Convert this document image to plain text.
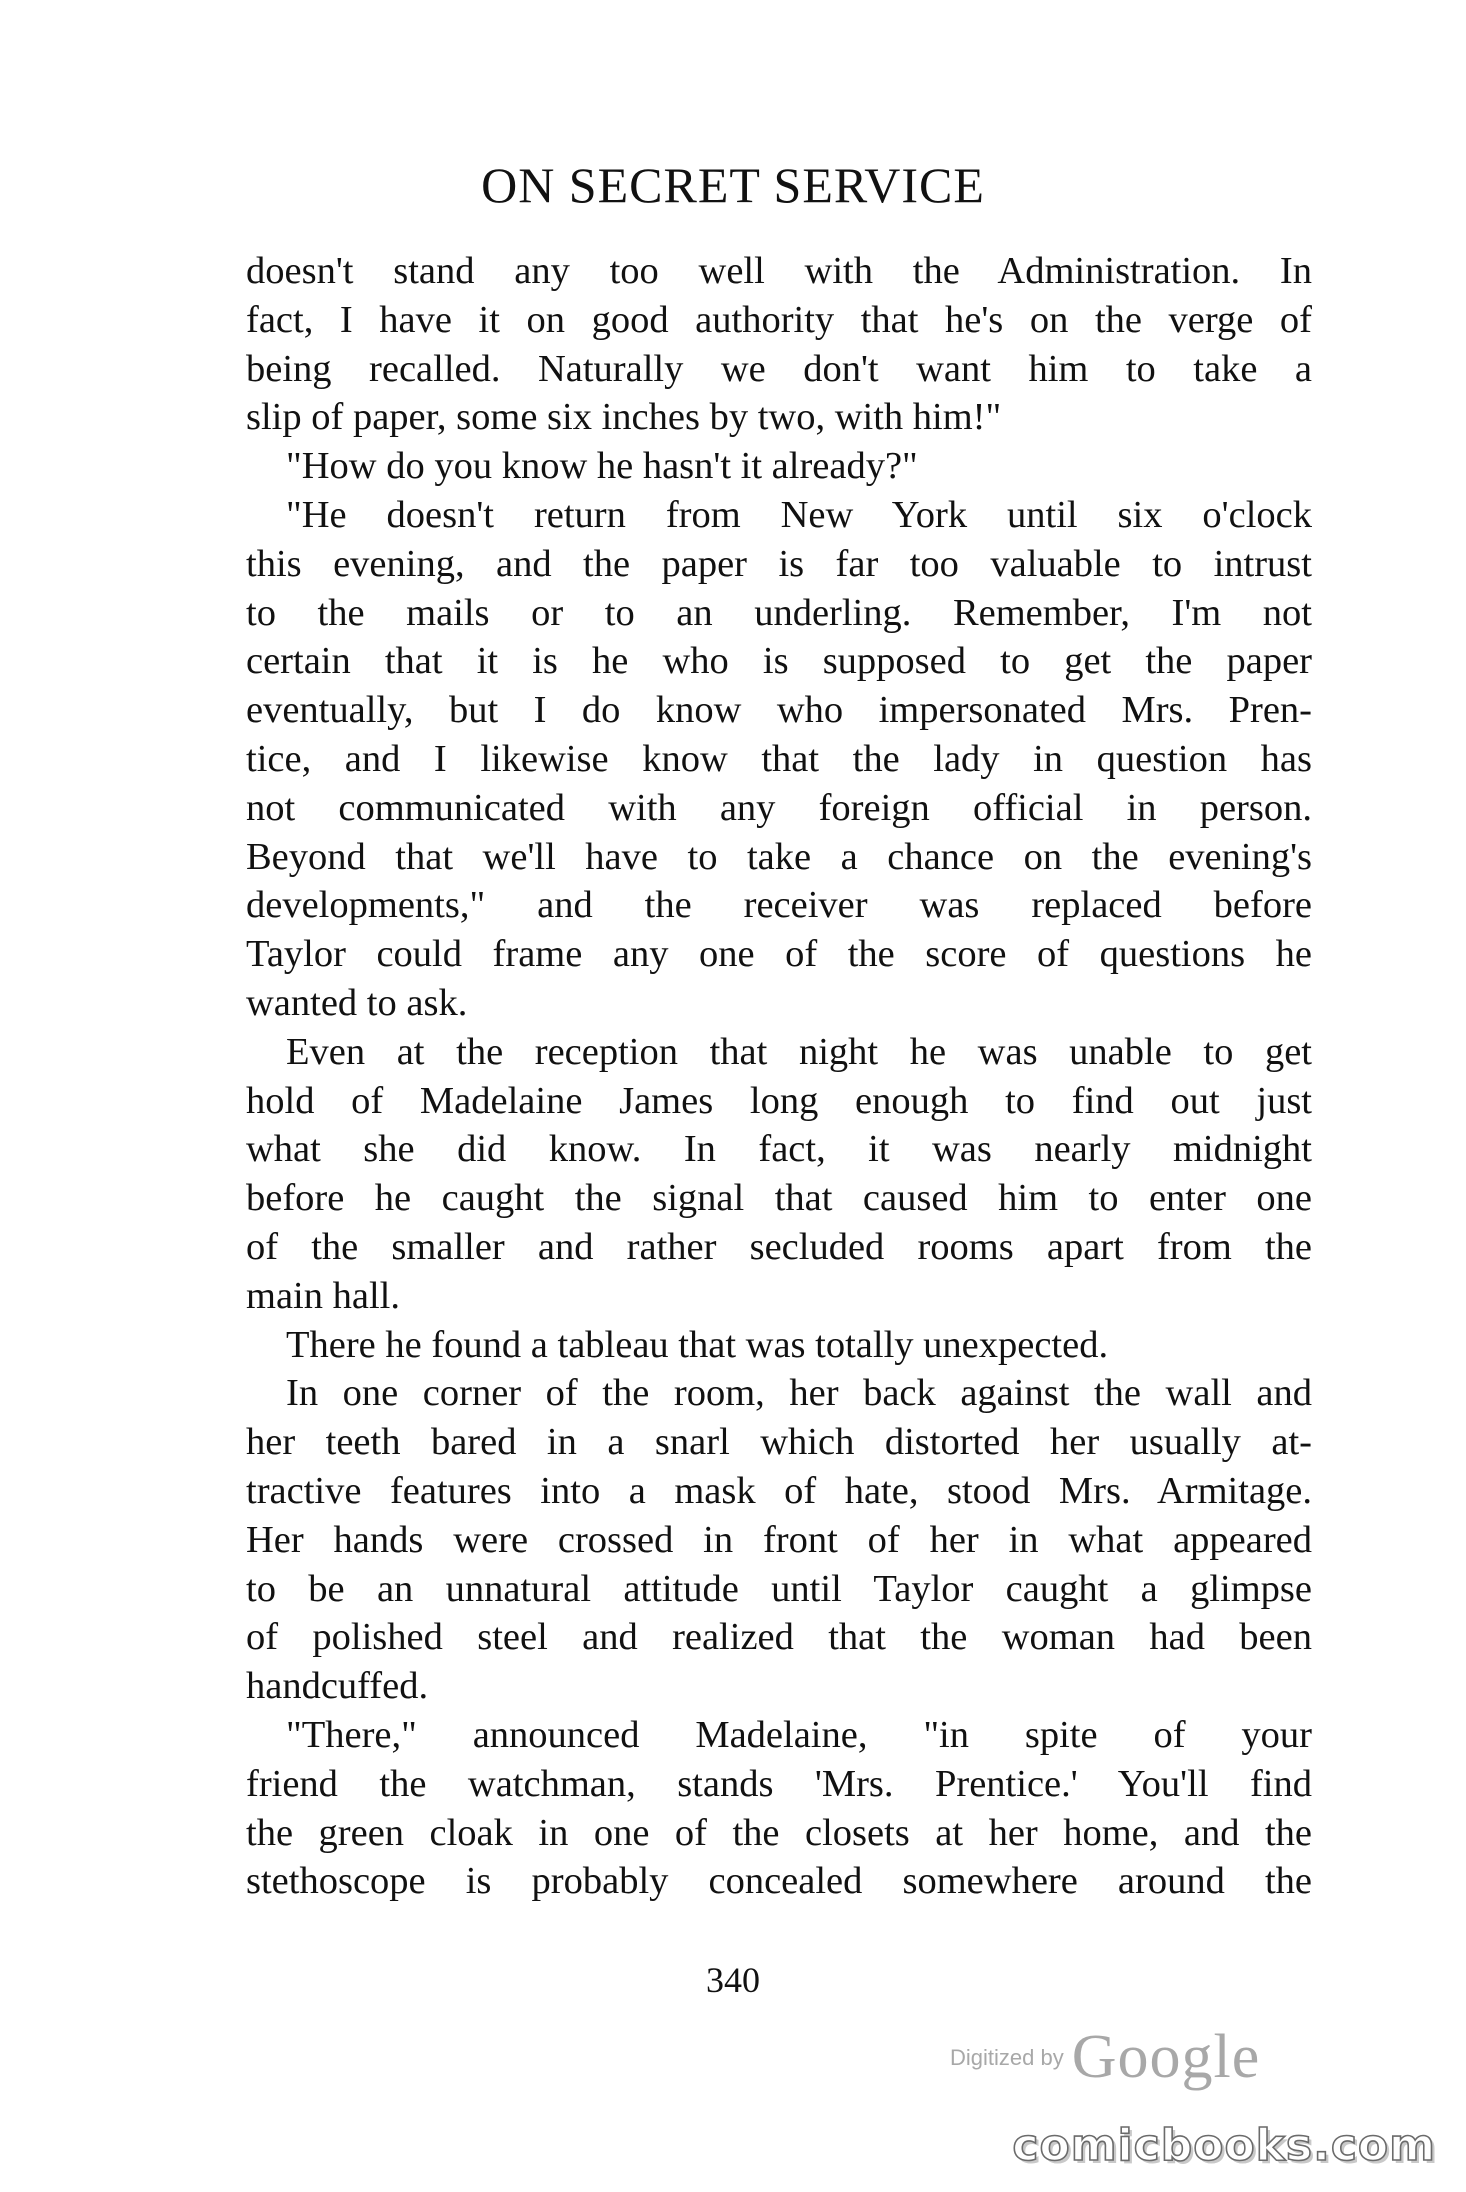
ON SECRET SERVICE
doesn't stand any too well with the Administration. In
fact, I have it on good authority that he's on the verge of
being recalled. Naturally we don't want him to take a
slip of paper, some six inches by two, with him!"
"How do you know he hasn't it already?"
"He doesn't return from New York until six o'clock
this evening, and the paper is far too valuable to intrust
to the mails or to an underling. Remember, I'm not
certain that it is he who is supposed to get the paper
eventually, but I do know who impersonated Mrs. Pren-
tice, and I likewise know that the lady in question has
not communicated with any foreign official in person.
Beyond that we'll have to take a chance on the evening's
developments," and the receiver was replaced before
Taylor could frame any one of the score of questions he
wanted to ask.
Even at the reception that night he was unable to get
hold of Madelaine James long enough to find out just
what she did know. In fact, it was nearly midnight
before he caught the signal that caused him to enter one
of the smaller and rather secluded rooms apart from the
main hall.
There he found a tableau that was totally unexpected.
In one corner of the room, her back against the wall and
her teeth bared in a snarl which distorted her usually at-
tractive features into a mask of hate, stood Mrs. Armitage.
Her hands were crossed in front of her in what appeared
to be an unnatural attitude until Taylor caught a glimpse
of polished steel and realized that the woman had been
handcuffed.
"There," announced Madelaine, "in spite of your
friend the watchman, stands 'Mrs. Prentice.' You'll find
the green cloak in one of the closets at her home, and the
stethoscope is probably concealed somewhere around the
340
Digitized by Google
comicbooks.com
